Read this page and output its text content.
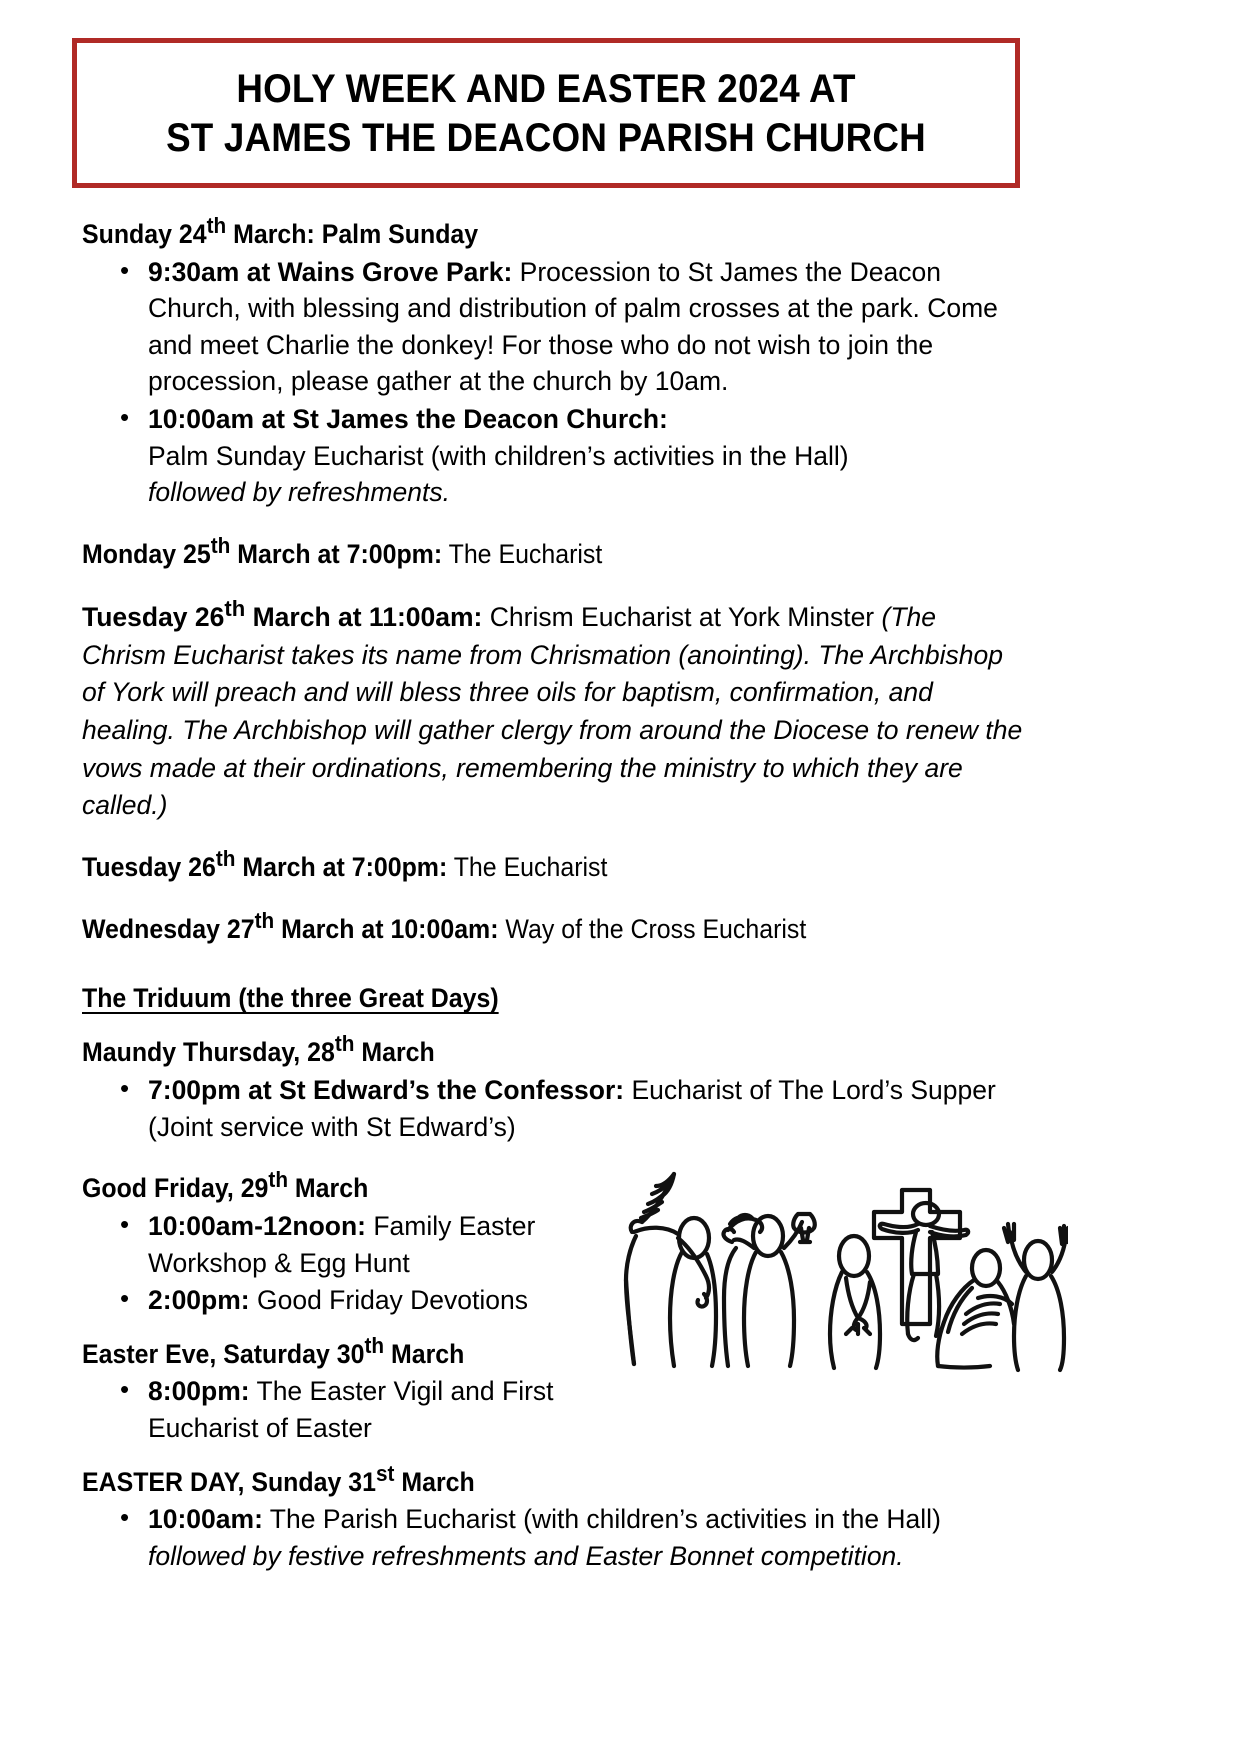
HOLY WEEK AND EASTER 2024 AT
ST JAMES THE DEACON PARISH CHURCH
Sunday 24th March: Palm Sunday
• 9:30am at Wains Grove Park: Procession to St James the Deacon Church, with blessing and distribution of palm crosses at the park. Come and meet Charlie the donkey! For those who do not wish to join the procession, please gather at the church by 10am.
• 10:00am at St James the Deacon Church:
Palm Sunday Eucharist (with children’s activities in the Hall)
followed by refreshments.
Monday 25th March at 7:00pm: The Eucharist

Tuesday 26th March at 11:00am: Chrism Eucharist at York Minster (The Chrism Eucharist takes its name from Chrismation (anointing). The Archbishop of York will preach and will bless three oils for baptism, confirmation, and healing. The Archbishop will gather clergy from around the Diocese to renew the vows made at their ordinations, remembering the ministry to which they are called.)

Tuesday 26th March at 7:00pm: The Eucharist
Wednesday 27th March at 10:00am: Way of the Cross Eucharist
The Triduum (the three Great Days)
Maundy Thursday, 28th March
• 7:00pm at St Edward’s the Confessor: Eucharist of The Lord’s Supper (Joint service with St Edward’s)
Good Friday, 29th March
• 10:00am-12noon: Family Easter Workshop & Egg Hunt
• 2:00pm: Good Friday Devotions
Easter Eve, Saturday 30th March
• 8:00pm: The Easter Vigil and First Eucharist of Easter
EASTER DAY, Sunday 31st March
• 10:00am: The Parish Eucharist (with children’s activities in the Hall)
followed by festive refreshments and Easter Bonnet competition.
